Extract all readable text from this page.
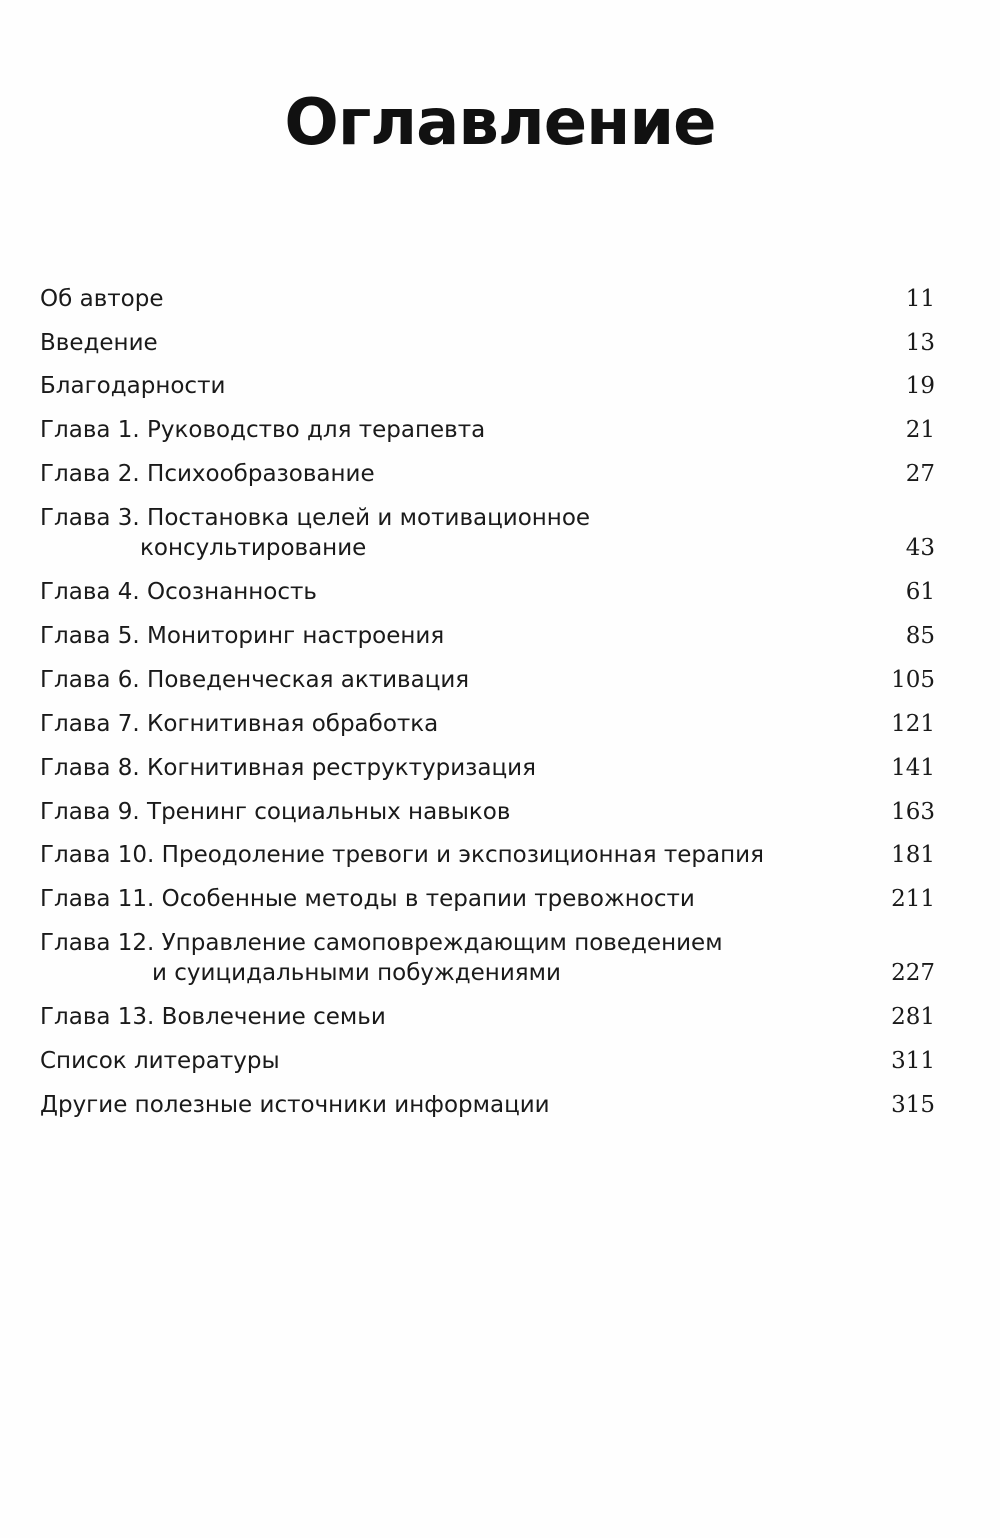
Оглавление
Об авторе	11
Введение	13
Благодарности	19
Глава 1. Руководство для терапевта	21
Глава 2. Психообразование	27
Глава 3. Постановка целей и мотивационное
консультирование	43
Глава 4. Осознанность	61
Глава 5. Мониторинг настроения	85
Глава 6. Поведенческая активация	105
Глава 7. Когнитивная обработка	121
Глава 8. Когнитивная реструктуризация	141
Глава 9. Тренинг социальных навыков	163
Глава 10. Преодоление тревоги и экспозиционная терапия	181
Глава 11. Особенные методы в терапии тревожности	211
Глава 12. Управление самоповреждающим поведением
и суицидальными побуждениями	227
Глава 13. Вовлечение семьи	281
Список литературы	311
Другие полезные источники информации	315
